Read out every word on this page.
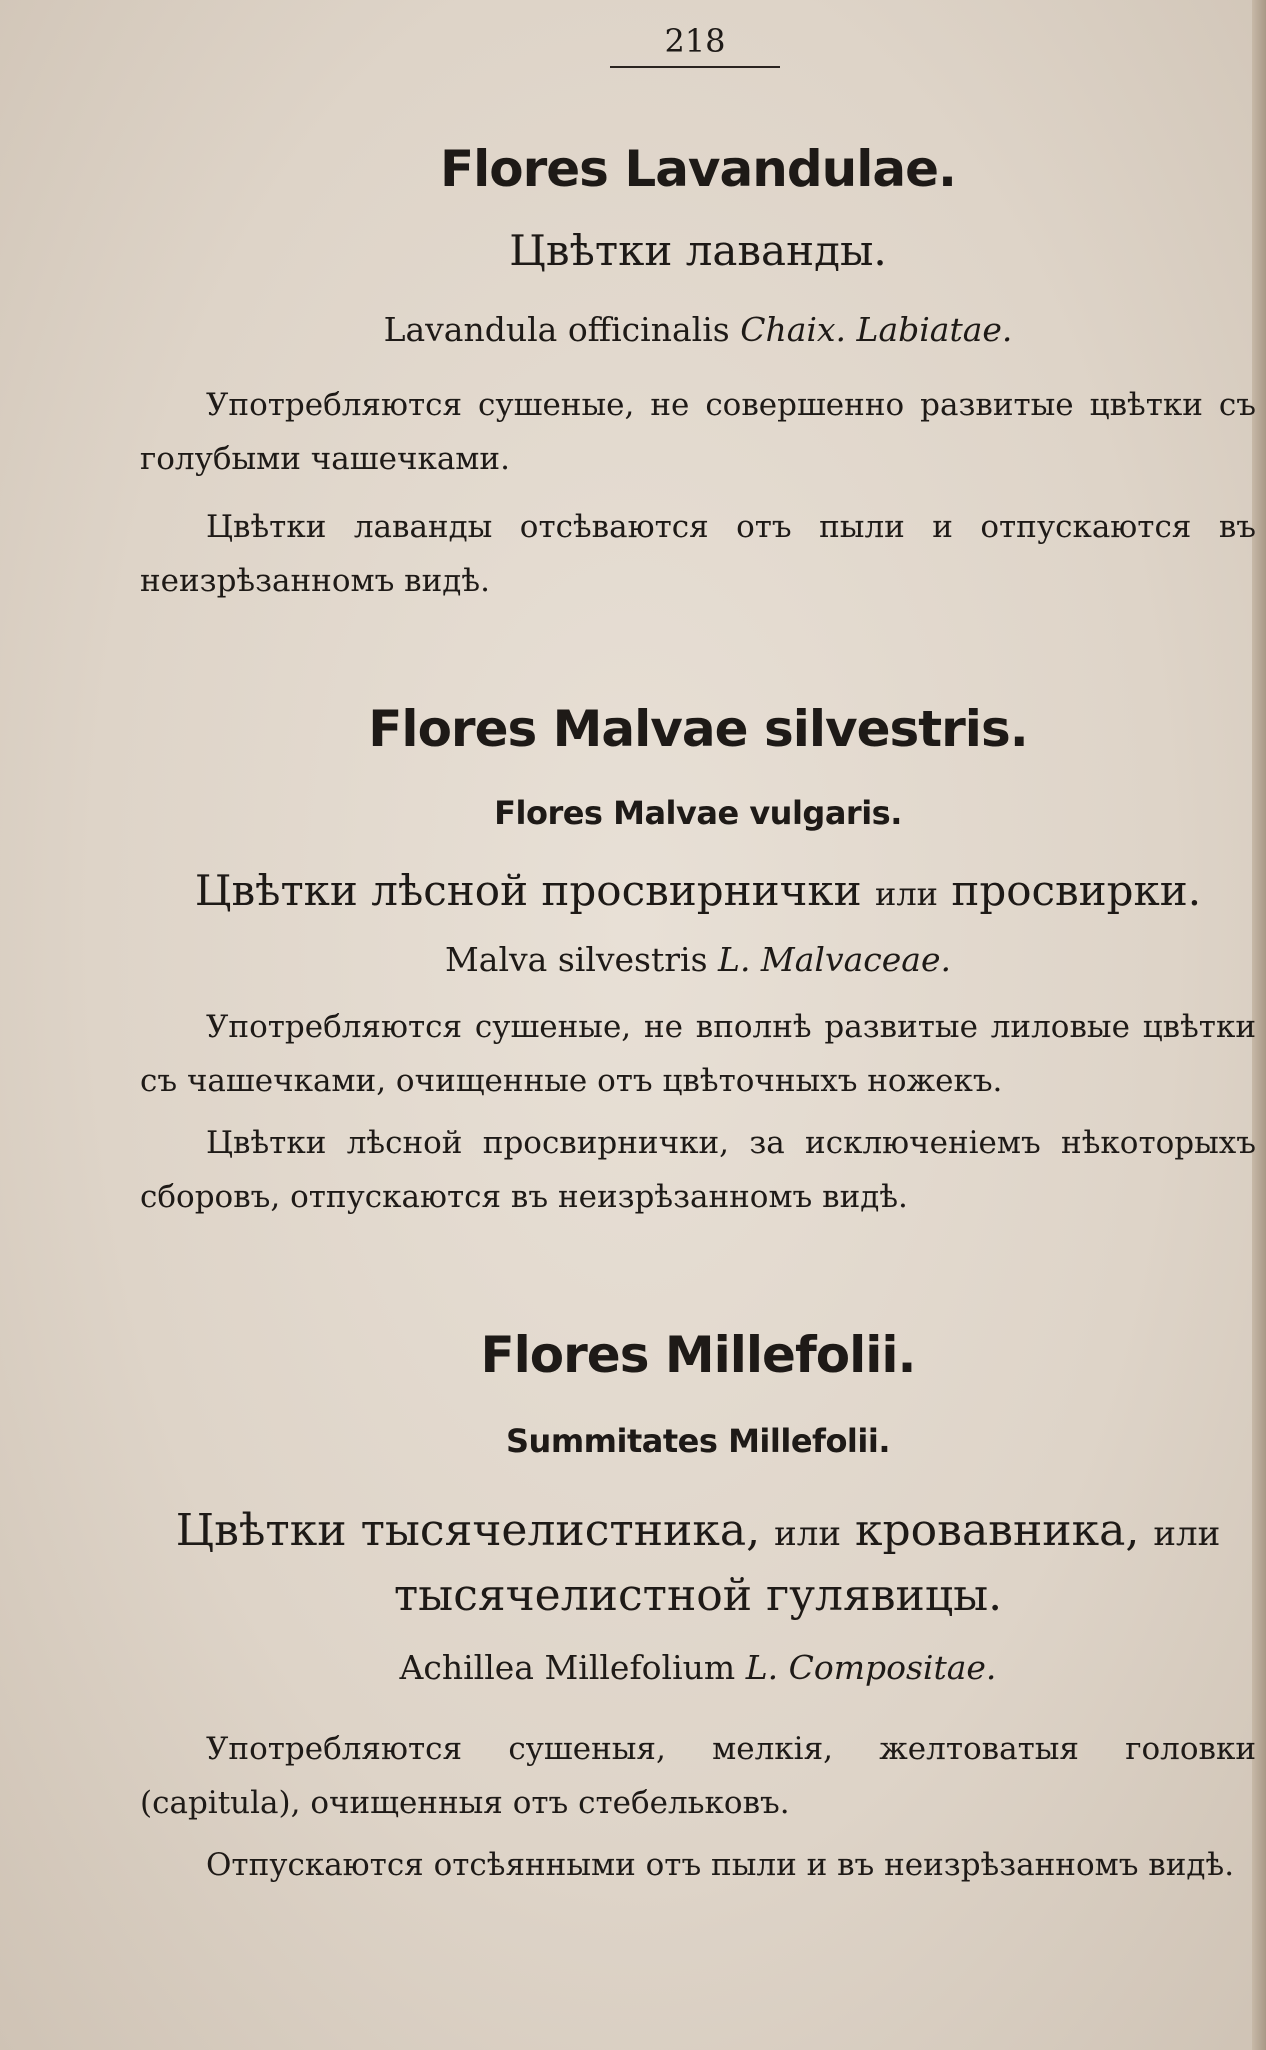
218
Flores Lavandulae.
Цвѣтки лаванды.
Lavandula officinalis Chaix. Labiatae.

Употребляются сушеные, не совершенно развитые цвѣтки съ голубыми чашечками.

Цвѣтки лаванды отсѣваются отъ пыли и отпускаются въ неизрѣзанномъ видѣ.

Flores Malvae silvestris.
Flores Malvae vulgaris.
Цвѣтки лѣсной просвирнички или просвирки.
Malva silvestris L. Malvaceae.

Употребляются сушеные, не вполнѣ развитые лиловые цвѣтки съ чашечками, очищенные отъ цвѣточныхъ ножекъ.

Цвѣтки лѣсной просвирнички, за исключенiемъ нѣкоторыхъ сборовъ, отпускаются въ неизрѣзанномъ видѣ.

Flores Millefolii.
Summitates Millefolii.
Цвѣтки тысячелистника, или кровавника, или тысячелистной гулявицы.
Achillea Millefolium L. Compositae.

Употребляются сушеныя, мелкiя, желтоватыя головки (capitula), очищенныя отъ стебельковъ.

Отпускаются отсѣянными отъ пыли и въ неизрѣзанномъ видѣ.
